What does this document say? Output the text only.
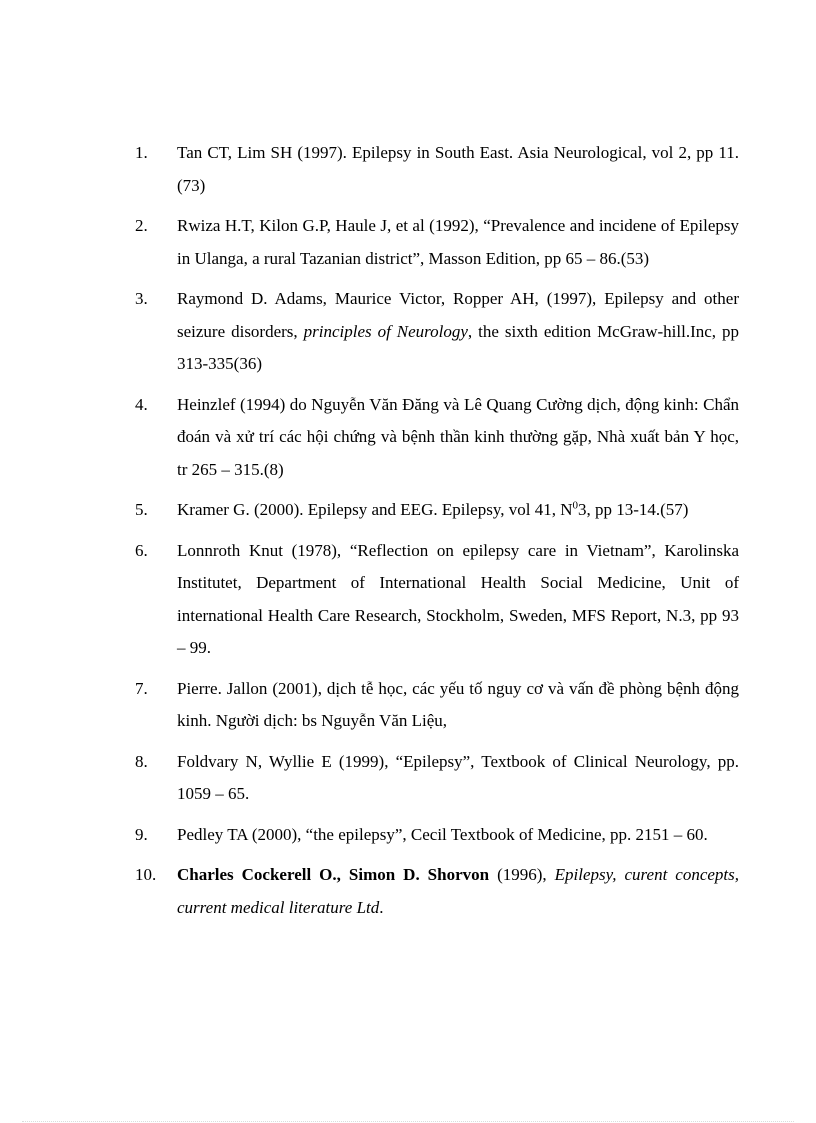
1. Tan CT, Lim SH (1997). Epilepsy in South East. Asia Neurological, vol 2, pp 11.(73)
2. Rwiza H.T, Kilon G.P, Haule J, et al (1992), “Prevalence and incidene of Epilepsy in Ulanga, a rural Tazanian district”, Masson Edition, pp 65 – 86.(53)
3. Raymond D. Adams, Maurice Victor, Ropper AH, (1997), Epilepsy and other seizure disorders, principles of Neurology, the sixth edition McGraw-hill.Inc, pp 313-335(36)
4. Heinzlef (1994) do Nguyễn Văn Đăng và Lê Quang Cường dịch, động kinh: Chẩn đoán và xử trí các hội chứng và bệnh thần kinh thường gặp, Nhà xuất bản Y học, tr 265 – 315.(8)
5. Kramer G. (2000). Epilepsy and EEG. Epilepsy, vol 41, $N^03$, pp 13-14.(57)
6. Lonnroth Knut (1978), “Reflection on epilepsy care in Vietnam”, Karolinska Institutet, Department of International Health Social Medicine, Unit of international Health Care Research, Stockholm, Sweden, MFS Report, N.3, pp 93 – 99.
7. Pierre. Jallon (2001), dịch tễ học, các yếu tố nguy cơ và vấn đề phòng bệnh động kinh. Người dịch: bs Nguyễn Văn Liệu,
8. Foldvary N, Wyllie E (1999), “Epilepsy”, Textbook of Clinical Neurology, pp. 1059 – 65.
9. Pedley TA (2000), “the epilepsy”, Cecil Textbook of Medicine, pp. 2151 – 60.
10. Charles Cockerell O., Simon D. Shorvon (1996), Epilepsy, curent concepts, current medical literature Ltd.
